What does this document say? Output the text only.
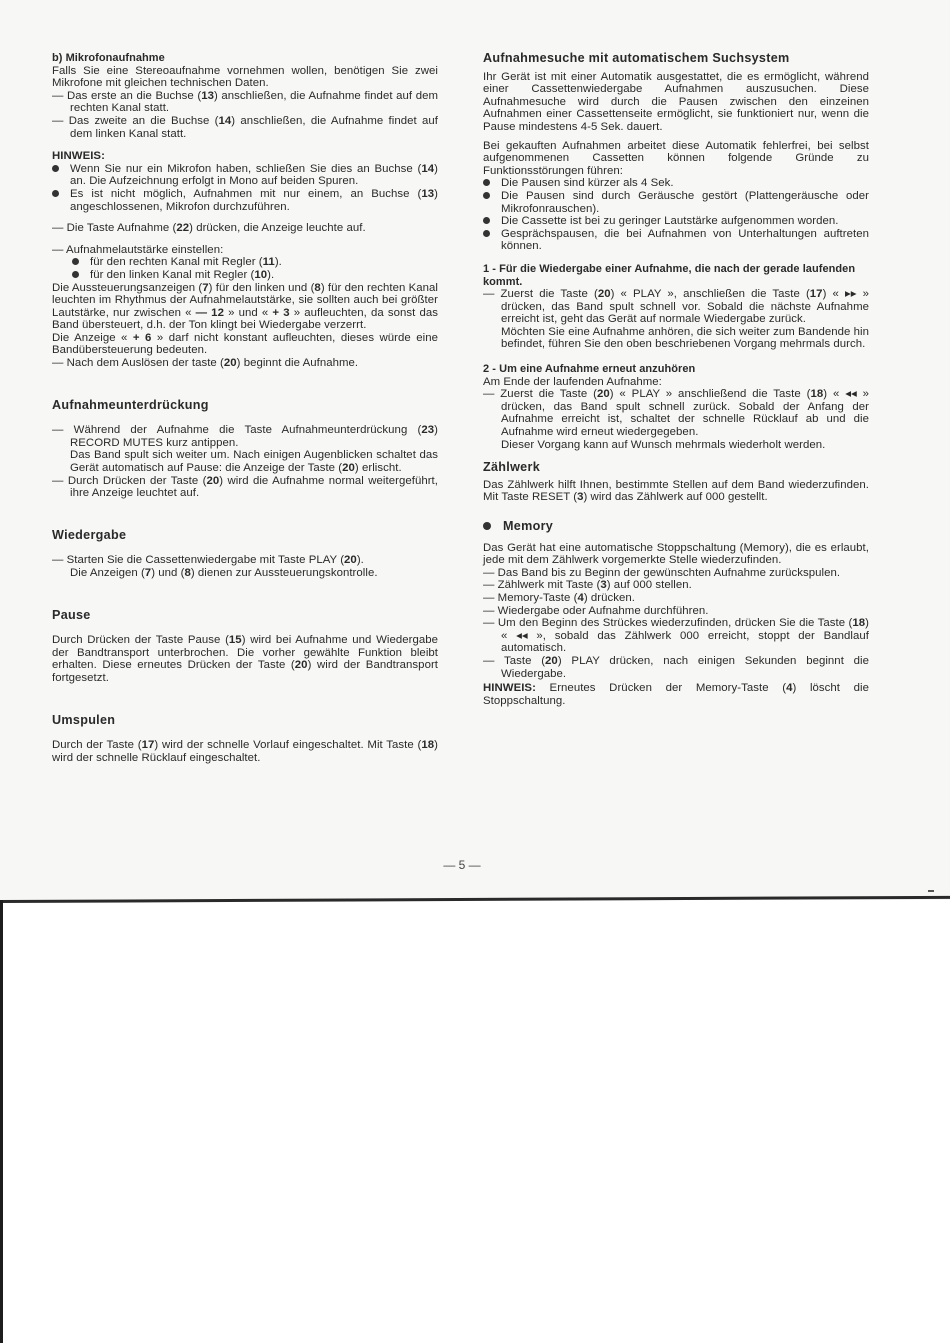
b) Mikrofonaufnahme

Falls Sie eine Stereoaufnahme vornehmen wollen, benötigen Sie zwei Mikrofone mit gleichen technischen Daten.

— Das erste an die Buchse (13) anschließen, die Aufnahme findet auf dem rechten Kanal statt.

— Das zweite an die Buchse (14) anschließen, die Aufnahme findet auf dem linken Kanal statt.

HINWEIS:

Wenn Sie nur ein Mikrofon haben, schließen Sie dies an Buchse (14) an. Die Aufzeichnung erfolgt in Mono auf beiden Spuren.

Es ist nicht möglich, Aufnahmen mit nur einem, an Buchse (13) angeschlossenen, Mikrofon durchzuführen.

— Die Taste Aufnahme (22) drücken, die Anzeige leuchte auf.

— Aufnahmelautstärke einstellen:

für den rechten Kanal mit Regler (11).

für den linken Kanal mit Regler (10).

Die Aussteuerungsanzeigen (7) für den linken und (8) für den rechten Kanal leuchten im Rhythmus der Aufnahmelautstärke, sie sollten auch bei größter Lautstärke, nur zwischen « — 12 » und « + 3 » aufleuchten, da sonst das Band übersteuert, d.h. der Ton klingt bei Wiedergabe verzerrt.

Die Anzeige « + 6 » darf nicht konstant aufleuchten, dieses würde eine Bandübersteuerung bedeuten.

— Nach dem Auslösen der taste (20) beginnt die Aufnahme.

Aufnahmeunterdrückung

— Während der Aufnahme die Taste Aufnahmeunterdrückung (23) RECORD MUTES kurz antippen.

Das Band spult sich weiter um. Nach einigen Augenblicken schaltet das Gerät automatisch auf Pause: die Anzeige der Taste (20) erlischt.

— Durch Drücken der Taste (20) wird die Aufnahme normal weitergeführt, ihre Anzeige leuchtet auf.

Wiedergabe

— Starten Sie die Cassettenwiedergabe mit Taste PLAY (20).

Die Anzeigen (7) und (8) dienen zur Aussteuerungskontrolle.

Pause

Durch Drücken der Taste Pause (15) wird bei Aufnahme und Wiedergabe der Bandtransport unterbrochen. Die vorher gewählte Funktion bleibt erhalten. Diese erneutes Drücken der Taste (20) wird der Bandtransport fortgesetzt.

Umspulen

Durch der Taste (17) wird der schnelle Vorlauf eingeschaltet. Mit Taste (18) wird der schnelle Rücklauf eingeschaltet.

Aufnahmesuche mit automatischem Suchsystem

Ihr Gerät ist mit einer Automatik ausgestattet, die es ermöglicht, während einer Cassettenwiedergabe Aufnahmen auszusuchen. Diese Aufnahmesuche wird durch die Pausen zwischen den einzeinen Aufnahmen einer Cassettenseite ermöglicht, sie funktioniert nur, wenn die Pause mindestens 4-5 Sek. dauert.

Bei gekauften Aufnahmen arbeitet diese Automatik fehlerfrei, bei selbst aufgenommenen Cassetten können folgende Gründe zu Funktionsstörungen führen:

Die Pausen sind kürzer als 4 Sek.

Die Pausen sind durch Geräusche gestört (Plattengeräusche oder Mikrofonrauschen).

Die Cassette ist bei zu geringer Lautstärke aufgenommen worden.

Gesprächspausen, die bei Aufnahmen von Unterhaltungen auftreten können.

1 - Für die Wiedergabe einer Aufnahme, die nach der gerade laufenden kommt.

— Zuerst die Taste (20) « PLAY », anschließen die Taste (17) « ▸▸ » drücken, das Band spult schnell vor. Sobald die nächste Aufnahme erreicht ist, geht das Gerät auf normale Wiedergabe zurück.

Möchten Sie eine Aufnahme anhören, die sich weiter zum Bandende hin befindet, führen Sie den oben beschriebenen Vorgang mehrmals durch.

2 - Um eine Aufnahme erneut anzuhören

Am Ende der laufenden Aufnahme:

— Zuerst die Taste (20) « PLAY » anschließend die Taste (18) « ◂◂ » drücken, das Band spult schnell zurück. Sobald der Anfang der Aufnahme erreicht ist, schaltet der schnelle Rücklauf ab und die Aufnahme wird erneut wiedergegeben.

Dieser Vorgang kann auf Wunsch mehrmals wiederholt werden.

Zählwerk

Das Zählwerk hilft Ihnen, bestimmte Stellen auf dem Band wiederzufinden. Mit Taste RESET (3) wird das Zählwerk auf 000 gestellt.

Memory

Das Gerät hat eine automatische Stoppschaltung (Memory), die es erlaubt, jede mit dem Zählwerk vorgemerkte Stelle wiederzufinden.

— Das Band bis zu Beginn der gewünschten Aufnahme zurückspulen.

— Zählwerk mit Taste (3) auf 000 stellen.

— Memory-Taste (4) drücken.

— Wiedergabe oder Aufnahme durchführen.

— Um den Beginn des Strückes wiederzufinden, drücken Sie die Taste (18) « ◂◂ », sobald das Zählwerk 000 erreicht, stoppt der Bandlauf automatisch.

— Taste (20) PLAY drücken, nach einigen Sekunden beginnt die Wiedergabe.

HINWEIS: Erneutes Drücken der Memory-Taste (4) löscht die Stoppschaltung.

— 5 —
